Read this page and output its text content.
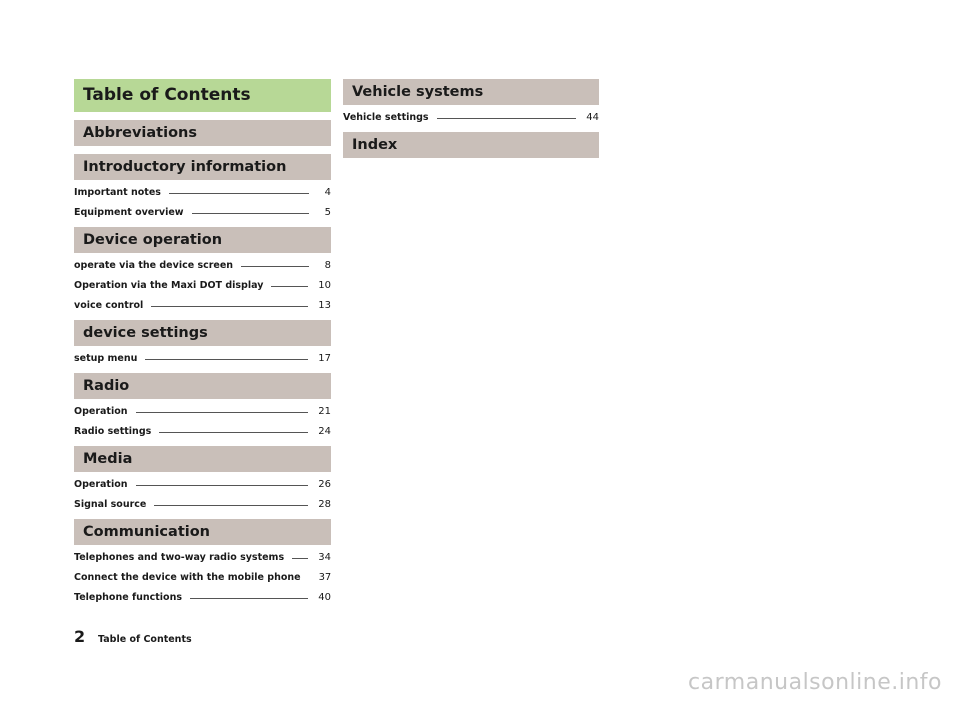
Table of Contents
Abbreviations
Introductory information
Important notes	4
Equipment overview	5
Device operation
operate via the device screen	8
Operation via the Maxi DOT display	10
voice control	13
device settings
setup menu	17
Radio
Operation	21
Radio settings	24
Media
Operation	26
Signal source	28
Communication
Telephones and two-way radio systems	34
Connect the device with the mobile phone 37
Telephone functions	40
Vehicle systems
Vehicle settings	44
Index
2	Table of Contents
carmanualsonline.info
